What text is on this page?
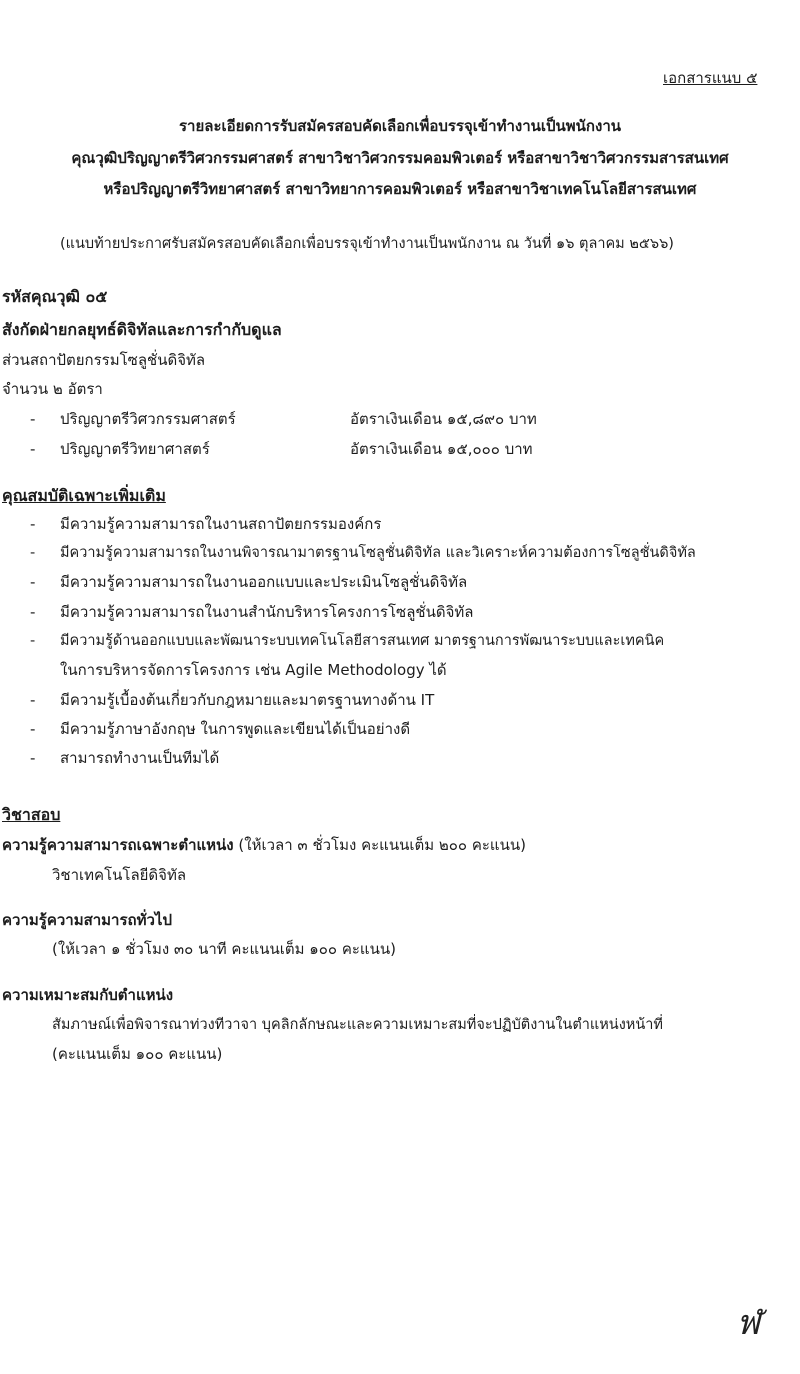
เอกสารแนบ ๕
รายละเอียดการรับสมัครสอบคัดเลือกเพื่อบรรจุเข้าทำงานเป็นพนักงาน
คุณวุฒิปริญญาตรีวิศวกรรมศาสตร์ สาขาวิชาวิศวกรรมคอมพิวเตอร์ หรือสาขาวิชาวิศวกรรมสารสนเทศ
หรือปริญญาตรีวิทยาศาสตร์ สาขาวิทยาการคอมพิวเตอร์ หรือสาขาวิชาเทคโนโลยีสารสนเทศ
(แนบท้ายประกาศรับสมัครสอบคัดเลือกเพื่อบรรจุเข้าทำงานเป็นพนักงาน ณ วันที่ ๑๖ ตุลาคม ๒๕๖๖)
รหัสคุณวุฒิ ๐๕
สังกัดฝ่ายกลยุทธ์ดิจิทัลและการกำกับดูแล
ส่วนสถาปัตยกรรมโซลูชั่นดิจิทัล
จำนวน ๒ อัตรา
- ปริญญาตรีวิศวกรรมศาสตร์	อัตราเงินเดือน ๑๕,๘๙๐ บาท
- ปริญญาตรีวิทยาศาสตร์	อัตราเงินเดือน ๑๕,๐๐๐ บาท
คุณสมบัติเฉพาะเพิ่มเติม
- มีความรู้ความสามารถในงานสถาปัตยกรรมองค์กร
- มีความรู้ความสามารถในงานพิจารณามาตรฐานโซลูชั่นดิจิทัล และวิเคราะห์ความต้องการโซลูชั่นดิจิทัล
- มีความรู้ความสามารถในงานออกแบบและประเมินโซลูชั่นดิจิทัล
- มีความรู้ความสามารถในงานสำนักบริหารโครงการโซลูชั่นดิจิทัล
- มีความรู้ด้านออกแบบและพัฒนาระบบเทคโนโลยีสารสนเทศ มาตรฐานการพัฒนาระบบและเทคนิค
ในการบริหารจัดการโครงการ เช่น Agile Methodology ได้
- มีความรู้เบื้องต้นเกี่ยวกับกฎหมายและมาตรฐานทางด้าน IT
- มีความรู้ภาษาอังกฤษ ในการพูดและเขียนได้เป็นอย่างดี
- สามารถทำงานเป็นทีมได้
วิชาสอบ
ความรู้ความสามารถเฉพาะตำแหน่ง (ให้เวลา ๓ ชั่วโมง คะแนนเต็ม ๒๐๐ คะแนน)
วิชาเทคโนโลยีดิจิทัล
ความรู้ความสามารถทั่วไป
(ให้เวลา ๑ ชั่วโมง ๓๐ นาที คะแนนเต็ม ๑๐๐ คะแนน)
ความเหมาะสมกับตำแหน่ง
สัมภาษณ์เพื่อพิจารณาท่วงทีวาจา บุคลิกลักษณะและความเหมาะสมที่จะปฏิบัติงานในตำแหน่งหน้าที่
(คะแนนเต็ม ๑๐๐ คะแนน)
ฬ
